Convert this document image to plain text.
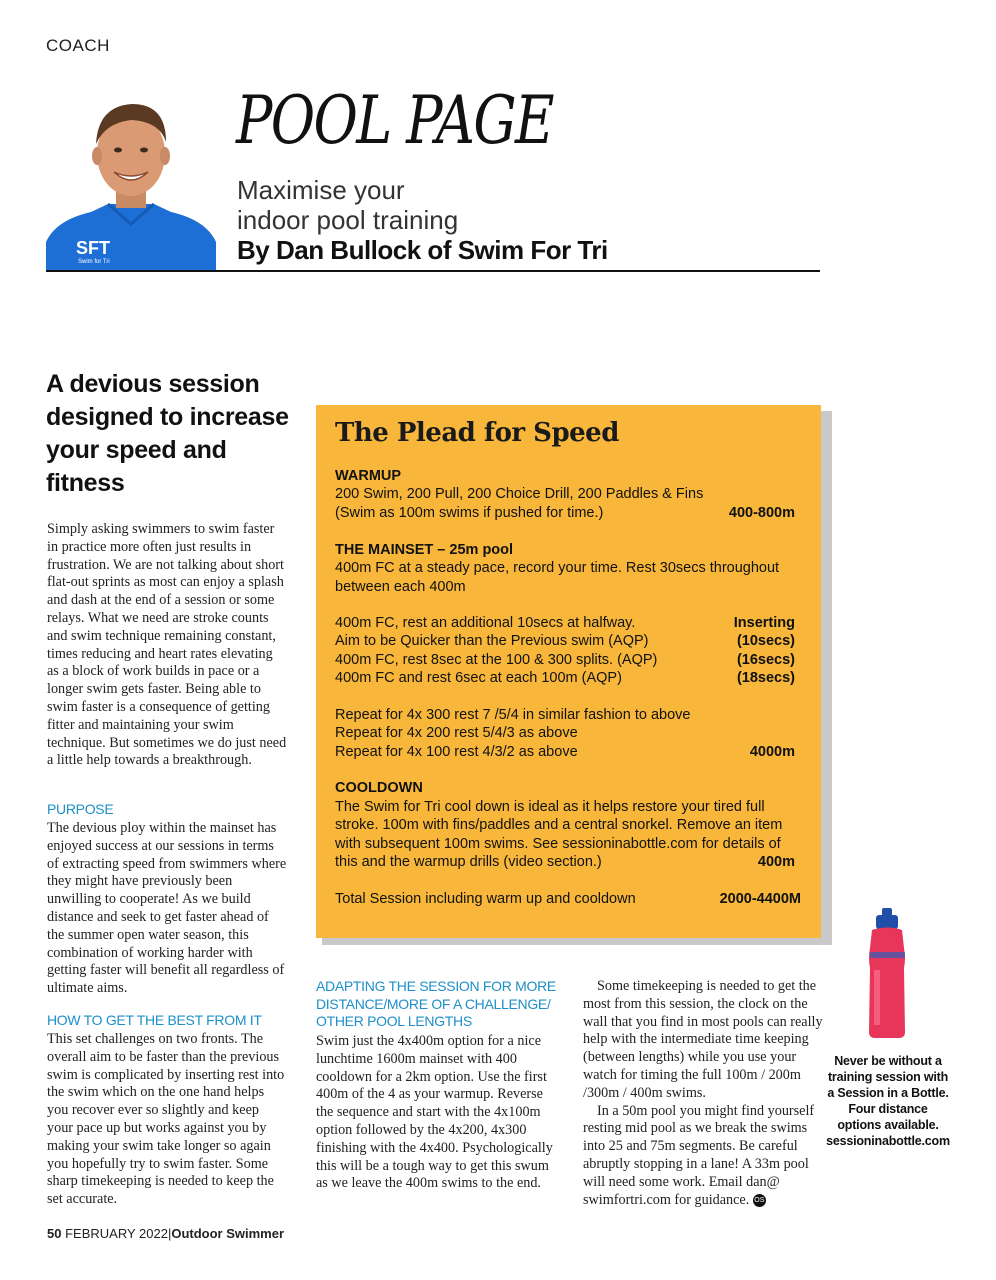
COACH
SFT
Swim for Tri
POOL PAGE
Maximise your
indoor pool training
By Dan Bullock of Swim For Tri
A devious session designed to increase your speed and fitness
Simply asking swimmers to swim faster in practice more often just results in frustration. We are not talking about short flat-out sprints as most can enjoy a splash and dash at the end of a session or some relays. What we need are stroke counts and swim technique remaining constant, times reducing and heart rates elevating as a block of work builds in pace or a longer swim gets faster. Being able to swim faster is a consequence of getting fitter and maintaining your swim technique. But sometimes we do just need a little help towards a breakthrough.
PURPOSE
The devious ploy within the mainset has enjoyed success at our sessions in terms of extracting speed from swimmers where they might have previously been unwilling to cooperate! As we build distance and seek to get faster ahead of the summer open water season, this combination of working harder with getting faster will benefit all regardless of ultimate aims.
HOW TO GET THE BEST FROM IT
This set challenges on two fronts. The overall aim to be faster than the previous swim is complicated by inserting rest into the swim which on the one hand helps you recover ever so slightly and keep your pace up but works against you by making your swim take longer so again you hopefully try to swim faster. Some sharp timekeeping is needed to keep the set accurate.
The Plead for Speed
WARMUP
200 Swim, 200 Pull, 200 Choice Drill, 200 Paddles & Fins
(Swim as 100m swims if pushed for time.)	400-800m
THE MAINSET – 25m pool
400m FC at a steady pace, record your time. Rest 30secs throughout
between each 400m
400m FC, rest an additional 10secs at halfway.	Inserting
Aim to be Quicker than the Previous swim (AQP)	(10secs)
400m FC, rest 8sec at the 100 & 300 splits. (AQP)	(16secs)
400m FC and rest 6sec at each 100m (AQP)	(18secs)
Repeat for 4x 300 rest 7 /5/4 in similar fashion to above
Repeat for 4x 200 rest 5/4/3 as above
Repeat for 4x 100 rest 4/3/2 as above	4000m
COOLDOWN
The Swim for Tri cool down is ideal as it helps restore your tired full
stroke. 100m with fins/paddles and a central snorkel. Remove an item
with subsequent 100m swims. See sessioninabottle.com for details of
this and the warmup drills (video section.)	400m
Total Session including warm up and cooldown	2000-4400M
ADAPTING THE SESSION FOR MORE DISTANCE/MORE OF A CHALLENGE/ OTHER POOL LENGTHS
Swim just the 4x400m option for a nice lunchtime 1600m mainset with 400 cooldown for a 2km option. Use the first 400m of the 4 as your warmup. Reverse the sequence and start with the 4x100m option followed by the 4x200, 4x300 finishing with the 4x400. Psychologically this will be a tough way to get this swum as we leave the 400m swims to the end.
Some timekeeping is needed to get the most from this session, the clock on the wall that you find in most pools can really help with the intermediate time keeping (between lengths) while you use your watch for timing the full 100m / 200m /300m / 400m swims.
In a 50m pool you might find yourself resting mid pool as we break the swims into 25 and 75m segments. Be careful abruptly stopping in a lane! A 33m pool will need some work. Email dan@ swimfortri.com for guidance. OS
Never be without a training session with a Session in a Bottle. Four distance options available. sessioninabottle.com
50 FEBRUARY 2022|Outdoor Swimmer
